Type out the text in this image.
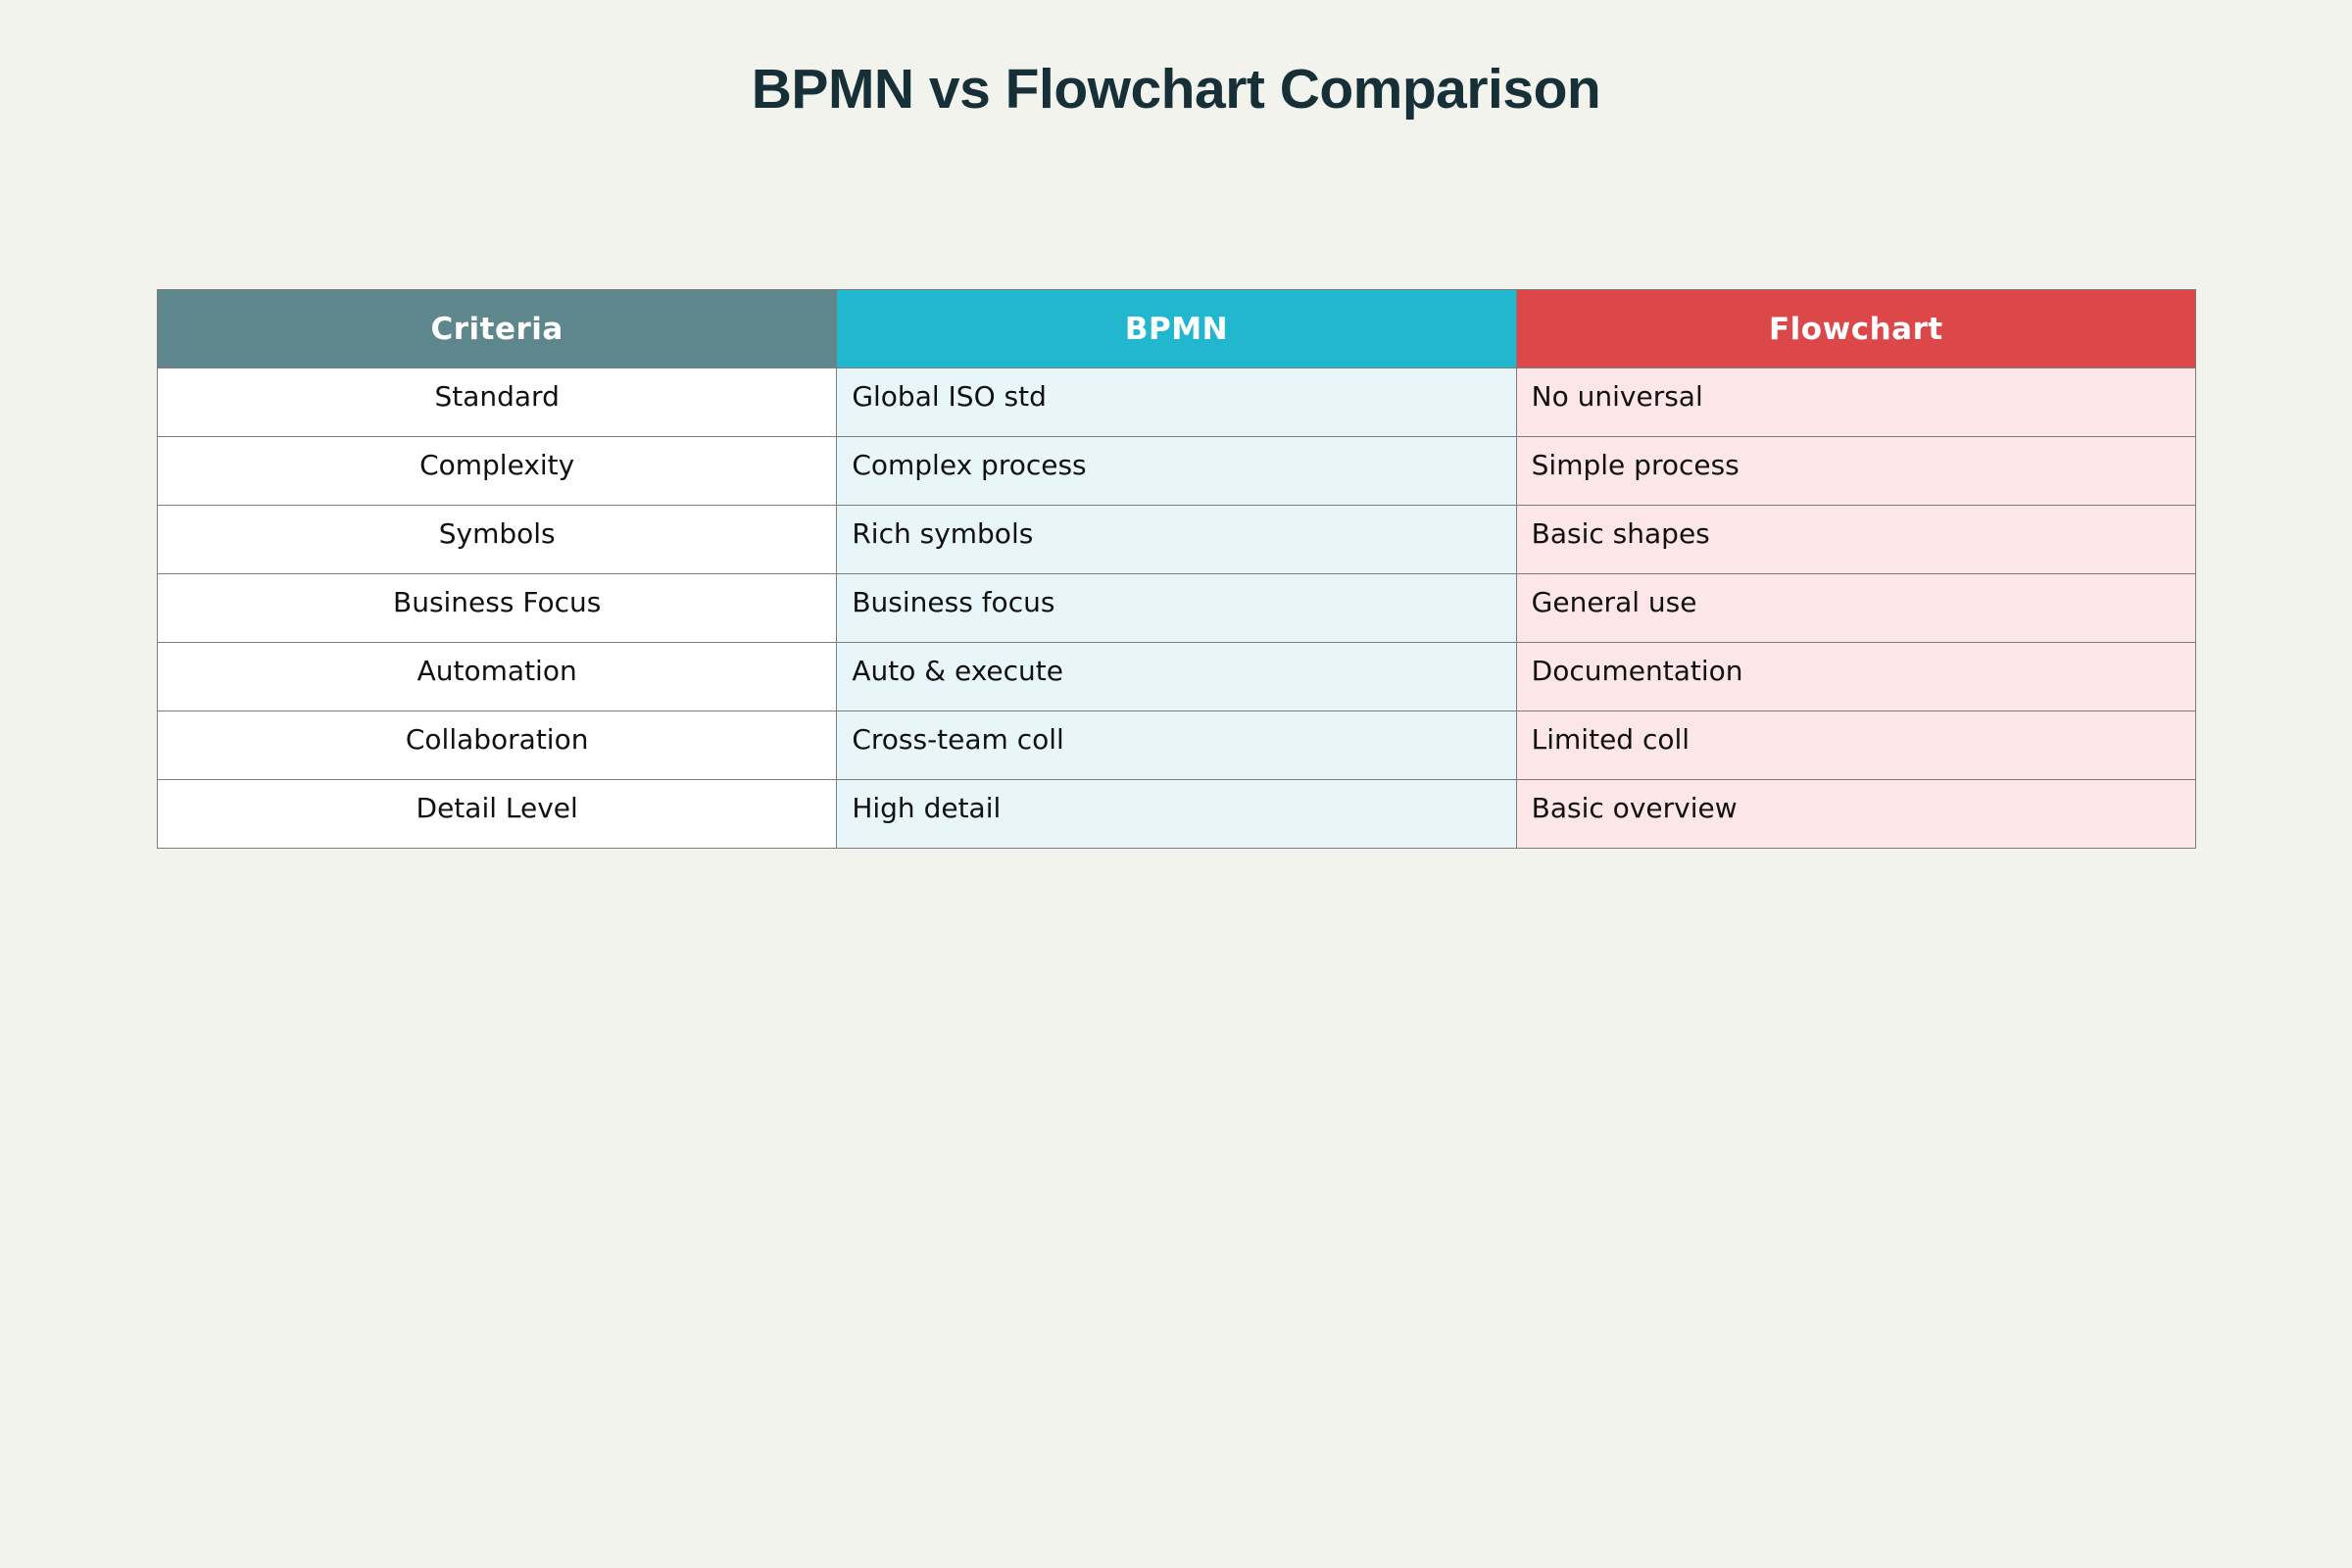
BPMN vs Flowchart Comparison
Criteria	BPMN	Flowchart
Standard	Global ISO std	No universal
Complexity	Complex process	Simple process
Symbols	Rich symbols	Basic shapes
Business Focus	Business focus	General use
Automation	Auto & execute	Documentation
Collaboration	Cross-team coll	Limited coll
Detail Level	High detail	Basic overview
